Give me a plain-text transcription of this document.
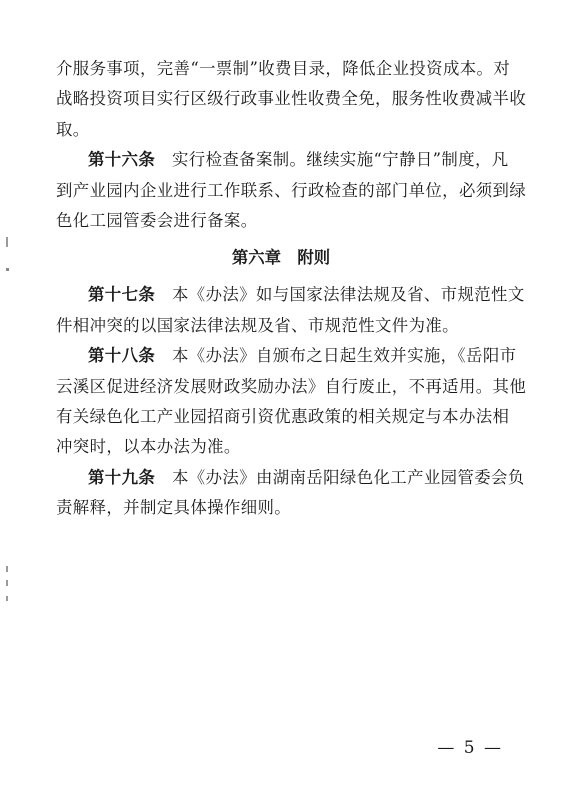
介服务事项，完善“一票制”收费目录，降低企业投资成本。对
战略投资项目实行区级行政事业性收费全免，服务性收费减半收
取。
第十六条 实行检查备案制。继续实施“宁静日”制度，凡
到产业园内企业进行工作联系、行政检查的部门单位，必须到绿
色化工园管委会进行备案。
第六章　附则
第十七条 本《办法》如与国家法律法规及省、市规范性文
件相冲突的以国家法律法规及省、市规范性文件为准。
第十八条 本《办法》自颁布之日起生效并实施，《岳阳市
云溪区促进经济发展财政奖励办法》自行废止，不再适用。其他
有关绿色化工产业园招商引资优惠政策的相关规定与本办法相
冲突时，以本办法为准。
第十九条 本《办法》由湖南岳阳绿色化工产业园管委会负
责解释，并制定具体操作细则。
— 5 —
